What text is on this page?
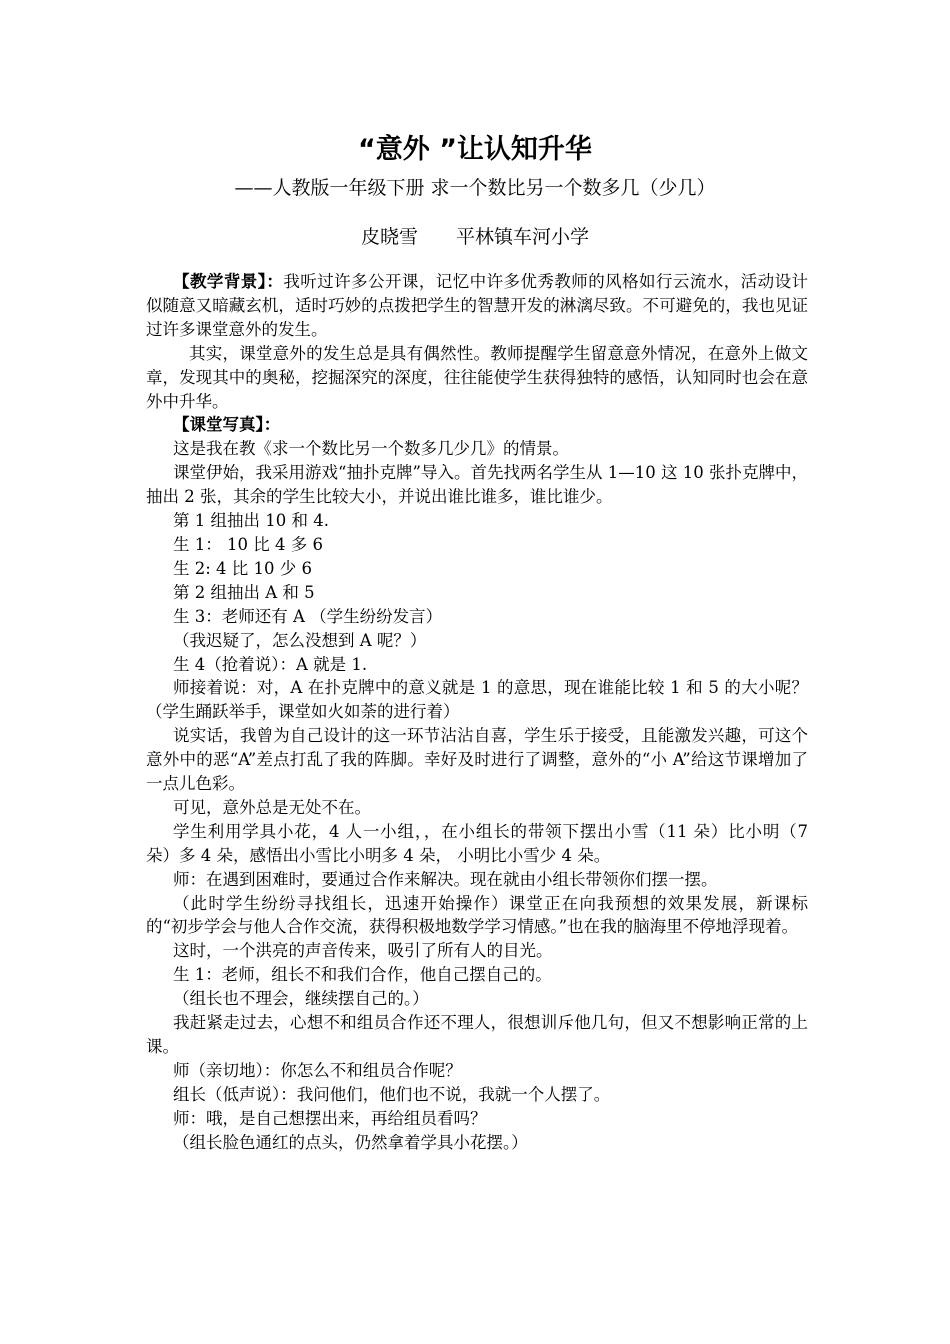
“意外 ”让认知升华

——人教版一年级下册 求一个数比另一个数多几（少几）

皮晓雪 平林镇车河小学

【教学背景】：我听过许多公开课，记忆中许多优秀教师的风格如行云流水，活动设计似随意又暗藏玄机，适时巧妙的点拨把学生的智慧开发的淋漓尽致。不可避免的，我也见证过许多课堂意外的发生。

其实，课堂意外的发生总是具有偶然性。教师提醒学生留意意外情况，在意外上做文章，发现其中的奥秘，挖掘深究的深度，往往能使学生获得独特的感悟，认知同时也会在意外中升华。

【课堂写真】：

这是我在教《求一个数比另一个数多几少几》的情景。

课堂伊始，我采用游戏“抽扑克牌”导入。首先找两名学生从 1—10 这 10 张扑克牌中，抽出 2 张，其余的学生比较大小，并说出谁比谁多，谁比谁少。

第 1 组抽出 10 和 4.

生 1： 10 比 4 多 6

生 2: 4 比 10 少 6

第 2 组抽出 A 和 5

生 3：老师还有 A （学生纷纷发言）

（我迟疑了，怎么没想到 A 呢？）

生 4（抢着说）：A 就是 1.

师接着说：对，A 在扑克牌中的意义就是 1 的意思，现在谁能比较 1 和 5 的大小呢？（学生踊跃举手，课堂如火如荼的进行着）

说实话，我曾为自己设计的这一环节沾沾自喜，学生乐于接受，且能激发兴趣，可这个意外中的恶“A”差点打乱了我的阵脚。幸好及时进行了调整，意外的“小 A”给这节课增加了一点儿色彩。

可见，意外总是无处不在。

学生利用学具小花，4 人一小组，，在小组长的带领下摆出小雪（11 朵）比小明（7 朵）多 4 朵，感悟出小雪比小明多 4 朵， 小明比小雪少 4 朵。

师：在遇到困难时，要通过合作来解决。现在就由小组长带领你们摆一摆。

（此时学生纷纷寻找组长，迅速开始操作）课堂正在向我预想的效果发展，新课标的“初步学会与他人合作交流，获得积极地数学学习情感。”也在我的脑海里不停地浮现着。

这时，一个洪亮的声音传来，吸引了所有人的目光。

生 1：老师，组长不和我们合作，他自己摆自己的。

（组长也不理会，继续摆自己的。）

我赶紧走过去，心想不和组员合作还不理人，很想训斥他几句，但又不想影响正常的上课。

师（亲切地）：你怎么不和组员合作呢？

组长（低声说）：我问他们，他们也不说，我就一个人摆了。

师：哦，是自己想摆出来，再给组员看吗？

（组长脸色通红的点头，仍然拿着学具小花摆。）
